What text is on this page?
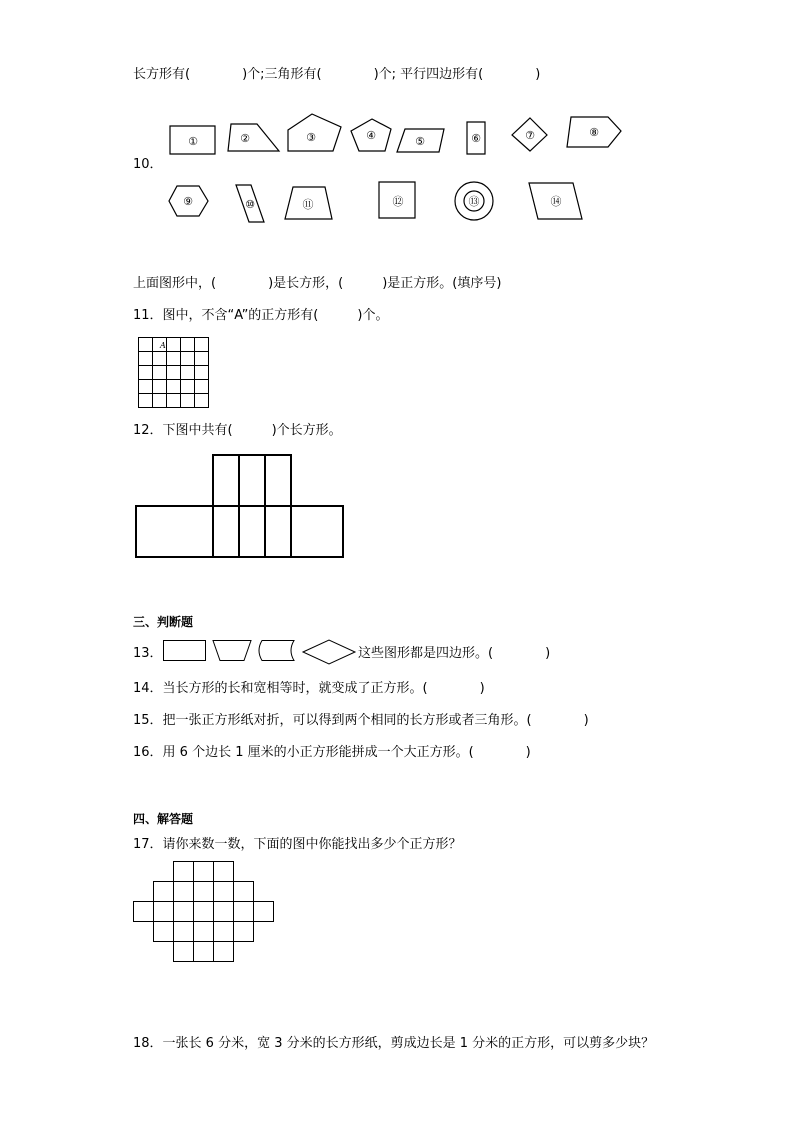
长方形有(　　　　)个;三角形有(　　　　)个; 平行四边形有(　　　　)
10．
①	②	③	④	⑤	⑥	⑦	⑧
⑨	⑩	⑪	⑫	⑬	⑭
上面图形中，(　　　　)是长方形，(　　　)是正方形。(填序号)
11．图中，不含“A”的正方形有(　　　)个。
A
12．下图中共有(　　　)个长方形。
三、判断题
13．	这些图形都是四边形。(　　　　)
14．当长方形的长和宽相等时，就变成了正方形。(　　　　)
15．把一张正方形纸对折，可以得到两个相同的长方形或者三角形。(　　　　)
16．用 6 个边长 1 厘米的小正方形能拼成一个大正方形。(　　　　)
四、解答题
17．请你来数一数，下面的图中你能找出多少个正方形？
18．一张长 6 分米，宽 3 分米的长方形纸，剪成边长是 1 分米的正方形，可以剪多少块？
